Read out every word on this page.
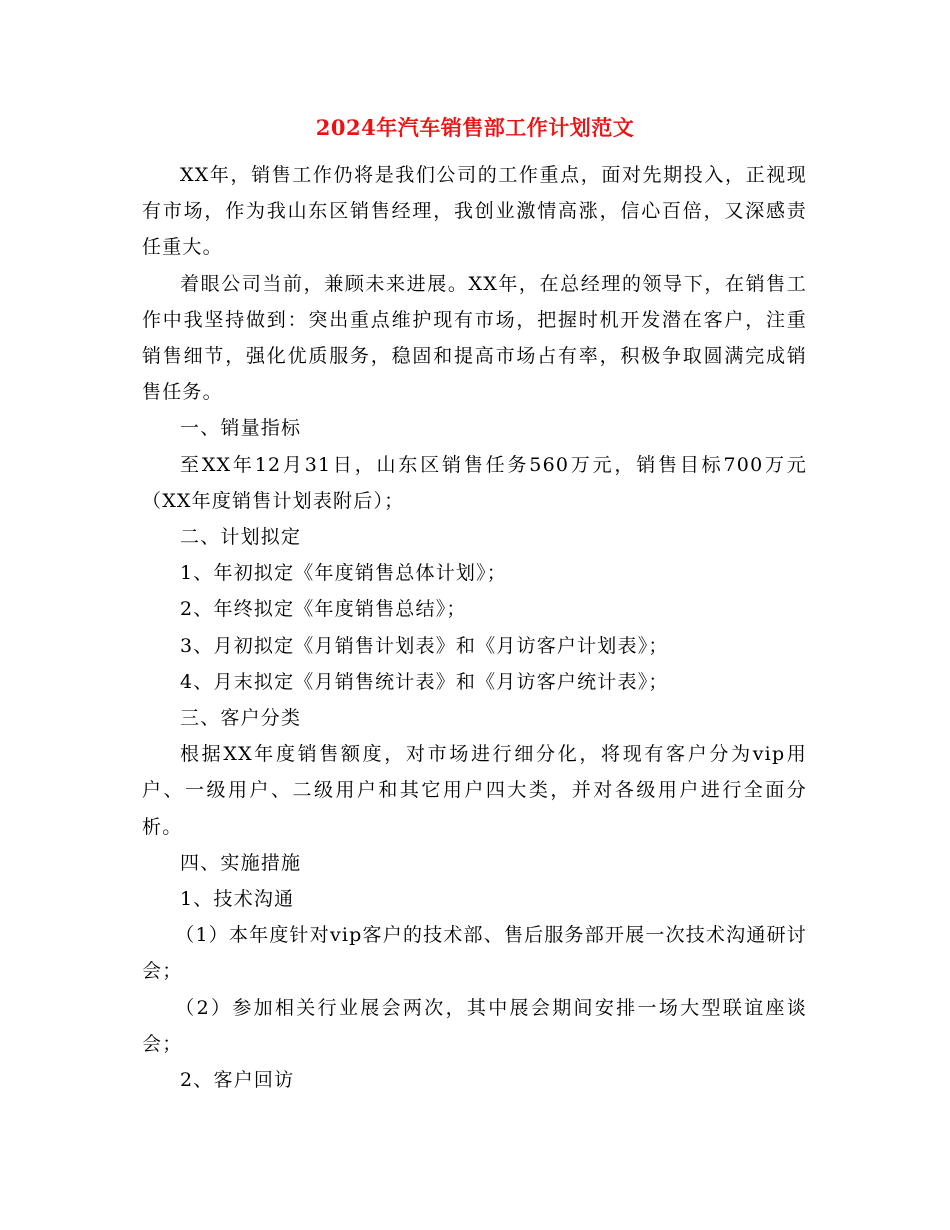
2024年汽车销售部工作计划范文

XX年，销售工作仍将是我们公司的工作重点，面对先期投入，正视现有市场，作为我山东区销售经理，我创业激情高涨，信心百倍，又深感责任重大。

着眼公司当前，兼顾未来进展。XX年，在总经理的领导下，在销售工作中我坚持做到：突出重点维护现有市场，把握时机开发潜在客户，注重销售细节，强化优质服务，稳固和提高市场占有率，积极争取圆满完成销售任务。

一、销量指标

至XX年12月31日，山东区销售任务560万元，销售目标700万元（XX年度销售计划表附后）；

二、计划拟定

1、年初拟定《年度销售总体计划》；

2、年终拟定《年度销售总结》；

3、月初拟定《月销售计划表》和《月访客户计划表》；

4、月末拟定《月销售统计表》和《月访客户统计表》；

三、客户分类

根据XX年度销售额度，对市场进行细分化，将现有客户分为vip用户、一级用户、二级用户和其它用户四大类，并对各级用户进行全面分析。

四、实施措施

1、技术沟通

（1）本年度针对vip客户的技术部、售后服务部开展一次技术沟通研讨会；

（2）参加相关行业展会两次，其中展会期间安排一场大型联谊座谈会；

2、客户回访
